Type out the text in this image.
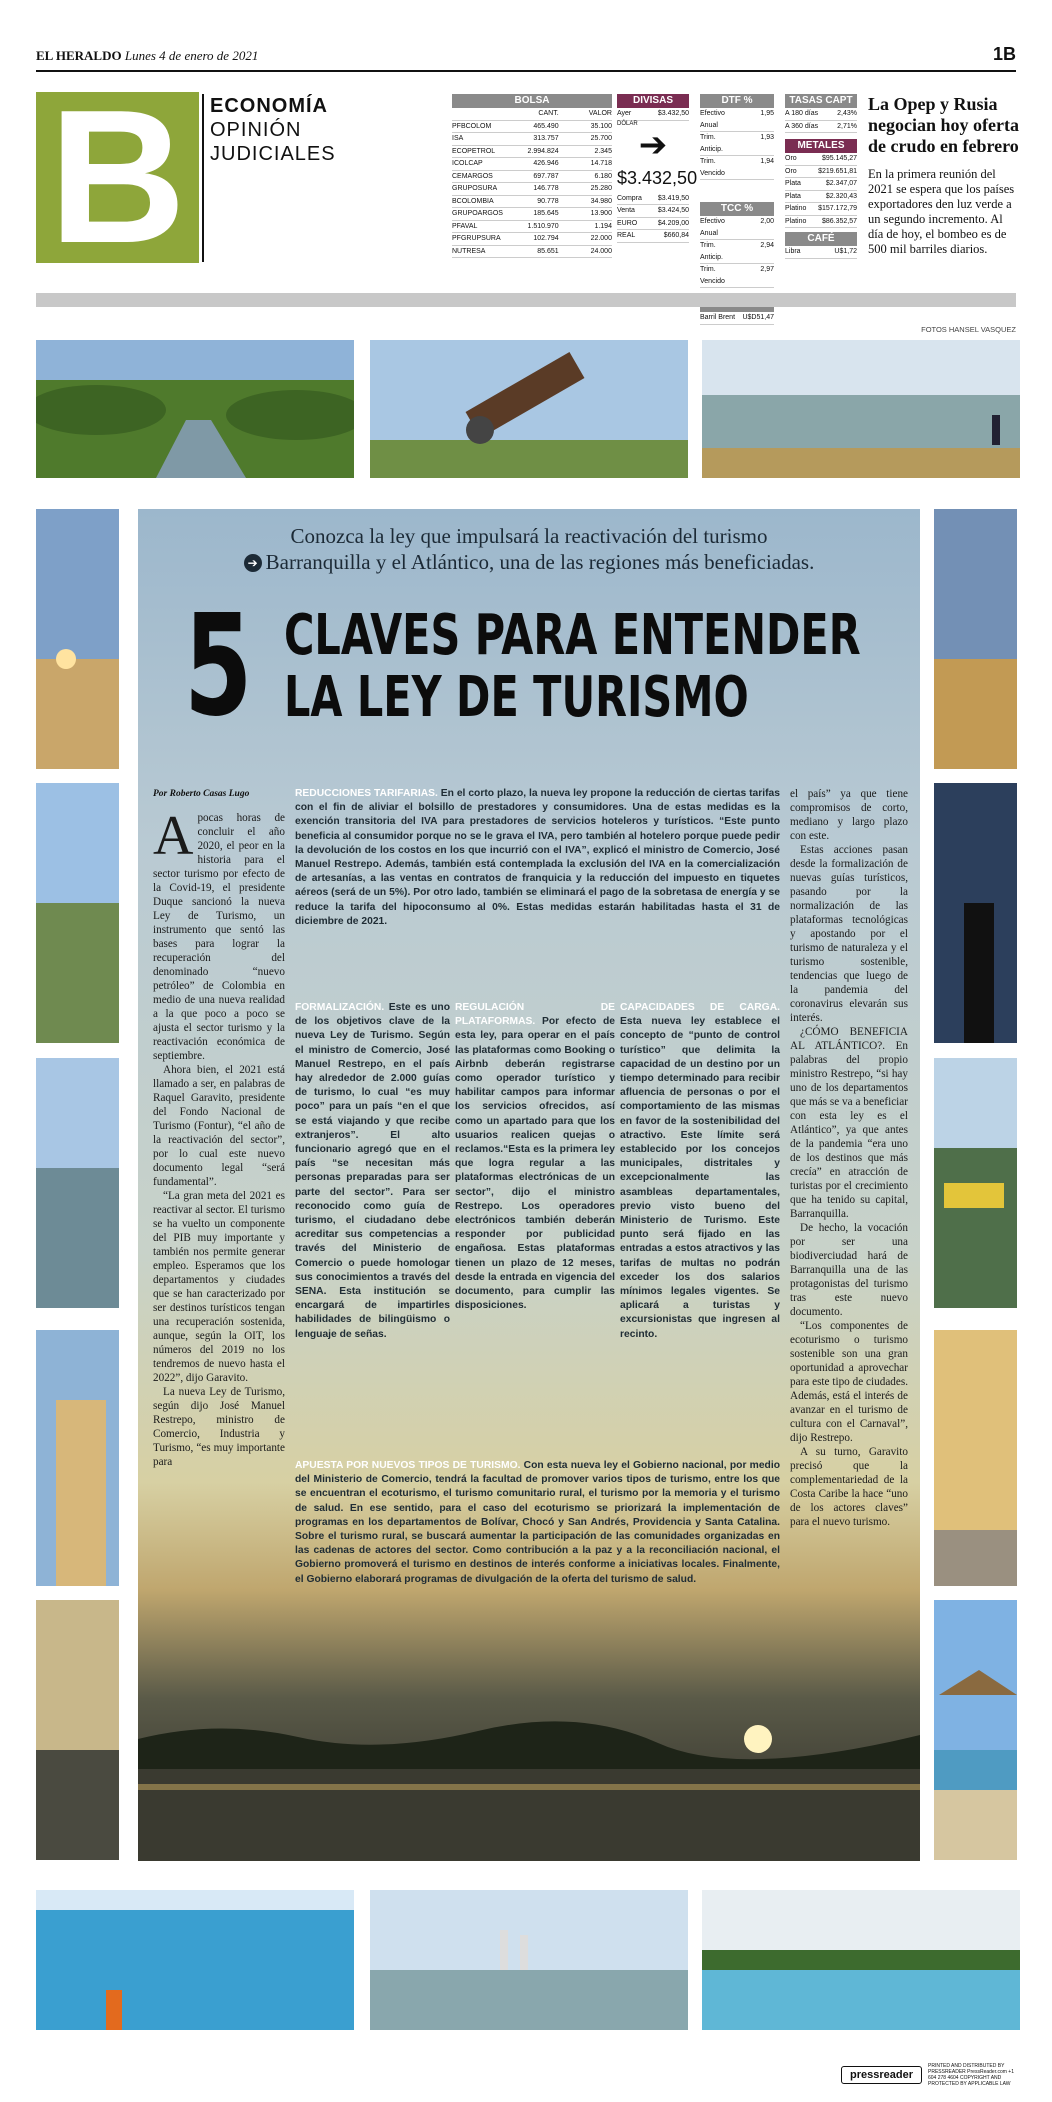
EL HERALDO Lunes 4 de enero de 2021	1B
B	ECONOMÍA
OPINIÓN
JUDICIALES
BOLSA
CANT.	VALOR
PFBCOLOM	465.490	35.100
ISA	313.757	25.700
ECOPETROL	2.994.824	2.345
ICOLCAP	426.946	14.718
CEMARGOS	697.787	6.180
GRUPOSURA	146.778	25.280
BCOLOMBIA	90.778	34.980
GRUPOARGOS	185.645	13.900
PFAVAL	1.510.970	1.194
PFGRUPSURA	102.794	22.000
NUTRESA	85.651	24.000
DIVISAS
Ayer	$3.432,50
DÓLAR
➔
$3.432,50
Compra	$3.419,50
Venta	$3.424,50
EURO	$4.209,00
REAL	$660,84
DTF %
Efectivo Anual
1,95
Trim. Anticip.
1,93
Trim. Vencido
1,94
TCC %
Efectivo Anual
2,00
Trim. Anticip.
2,94
Trim. Vencido
2,97
Barril Brent	U$D51,47
TASAS CAPT
A 180 días	2,43%
A 360 días	2,71%
METALES
Oro	$95.145,27
Oro	$219.651,81
Plata	$2.347,07
Plata	$2.320,43
Platino	$157.172,79
Platino	$86.352,57
CAFÉ
Libra	U$1,72
La Opep y Rusia negocian hoy oferta de crudo en febrero

En la primera reunión del 2021 se espera que los países exportadores den luz verde a un segundo incremento. Al día de hoy, el bombeo es de 500 mil barriles diarios.

FOTOS HANSEL VASQUEZ
Conozca la ley que impulsará la reactivación del turismo
➔ Barranquilla y el Atlántico, una de las regiones más beneficiadas.
5 CLAVES PARA ENTENDER
LA LEY DE TURISMO
Por Roberto Casas Lugo

Apocas horas de concluir el año 2020, el peor en la historia para el sector turismo por efecto de la Covid-19, el presidente Duque sancionó la nueva Ley de Turismo, un instrumento que sentó las bases para lograr la recuperación del denominado “nuevo petróleo” de Colombia en medio de una nueva realidad a la que poco a poco se ajusta el sector turismo y la reactivación económica de septiembre.

Ahora bien, el 2021 está llamado a ser, en palabras de Raquel Garavito, presidente del Fondo Nacional de Turismo (Fontur), “el año de la reactivación del sector”, por lo cual este nuevo documento legal “será fundamental”.

“La gran meta del 2021 es reactivar al sector. El turismo se ha vuelto un componente del PIB muy importante y también nos permite generar empleo. Esperamos que los departamentos y ciudades que se han caracterizado por ser destinos turísticos tengan una recuperación sostenida, aunque, según la OIT, los números del 2019 no los tendremos de nuevo hasta el 2022”, dijo Garavito.

La nueva Ley de Turismo, según dijo José Manuel Restrepo, ministro de Comercio, Industria y Turismo, “es muy importante para

REDUCCIONES TARIFARIAS. En el corto plazo, la nueva ley propone la reducción de ciertas tarifas con el fin de aliviar el bolsillo de prestadores y consumidores. Una de estas medidas es la exención transitoria del IVA para prestadores de servicios hoteleros y turísticos. “Este punto beneficia al consumidor porque no se le grava el IVA, pero también al hotelero porque puede pedir la devolución de los costos en los que incurrió con el IVA”, explicó el ministro de Comercio, José Manuel Restrepo. Además, también está contemplada la exclusión del IVA en la comercialización de artesanías, a las ventas en contratos de franquicia y la reducción del impuesto en tiquetes aéreos (será de un 5%). Por otro lado, también se eliminará el pago de la sobretasa de energía y se reduce la tarifa del hipoconsumo al 0%. Estas medidas estarán habilitadas hasta el 31 de diciembre de 2021.
FORMALIZACIÓN. Este es uno de los objetivos clave de la nueva Ley de Turismo. Según el ministro de Comercio, José Manuel Restrepo, en el país hay alrededor de 2.000 guías de turismo, lo cual “es muy poco” para un país “en el que se está viajando y que recibe extranjeros”. El alto funcionario agregó que en el país “se necesitan más personas preparadas para ser parte del sector”. Para ser reconocido como guía de turismo, el ciudadano debe acreditar sus competencias a través del Ministerio de Comercio o puede homologar sus conocimientos a través del SENA. Esta institución se encargará de impartirles habilidades de bilingüismo o lenguaje de señas.
REGULACIÓN DE PLATAFORMAS. Por efecto de esta ley, para operar en el país las plataformas como Booking o Airbnb deberán registrarse como operador turístico y habilitar campos para informar los servicios ofrecidos, así como un apartado para que los usuarios realicen quejas o reclamos.“Esta es la primera ley que logra regular a las plataformas electrónicas de un sector”, dijo el ministro Restrepo. Los operadores electrónicos también deberán responder por publicidad engañosa. Estas plataformas tienen un plazo de 12 meses, desde la entrada en vigencia del documento, para cumplir las disposiciones.
CAPACIDADES DE CARGA. Esta nueva ley establece el concepto de “punto de control turístico” que delimita la capacidad de un destino por un tiempo determinado para recibir afluencia de personas o por el comportamiento de las mismas en favor de la sostenibilidad del atractivo. Este límite será establecido por los concejos municipales, distritales y excepcionalmente las asambleas departamentales, previo visto bueno del Ministerio de Turismo. Este punto será fijado en las entradas a estos atractivos y las tarifas de multas no podrán exceder los dos salarios mínimos legales vigentes. Se aplicará a turistas y excursionistas que ingresen al recinto.
APUESTA POR NUEVOS TIPOS DE TURISMO. Con esta nueva ley el Gobierno nacional, por medio del Ministerio de Comercio, tendrá la facultad de promover varios tipos de turismo, entre los que se encuentran el ecoturismo, el turismo comunitario rural, el turismo por la memoria y el turismo de salud. En ese sentido, para el caso del ecoturismo se priorizará la implementación de programas en los departamentos de Bolívar, Chocó y San Andrés, Providencia y Santa Catalina. Sobre el turismo rural, se buscará aumentar la participación de las comunidades organizadas en las cadenas de actores del sector. Como contribución a la paz y a la reconciliación nacional, el Gobierno promoverá el turismo en destinos de interés conforme a iniciativas locales. Finalmente, el Gobierno elaborará programas de divulgación de la oferta del turismo de salud.

el país” ya que tiene compromisos de corto, mediano y largo plazo con este.

Estas acciones pasan desde la formalización de nuevas guías turísticos, pasando por la normalización de las plataformas tecnológicas y apostando por el turismo de naturaleza y el turismo sostenible, tendencias que luego de la pandemia del coronavirus elevarán sus interés.

¿CÓMO BENEFICIA AL ATLÁNTICO?. En palabras del propio ministro Restrepo, “si hay uno de los departamentos que más se va a beneficiar con esta ley es el Atlántico”, ya que antes de la pandemia “era uno de los destinos que más crecía” en atracción de turistas por el crecimiento que ha tenido su capital, Barranquilla.

De hecho, la vocación por ser una biodiverciudad hará de Barranquilla una de las protagonistas del turismo tras este nuevo documento.

“Los componentes de ecoturismo o turismo sostenible son una gran oportunidad a aprovechar para este tipo de ciudades. Además, está el interés de avanzar en el turismo de cultura con el Carnaval”, dijo Restrepo.

A su turno, Garavito precisó que la complementariedad de la Costa Caribe la hace “uno de los actores claves” para el nuevo turismo.

pressreader
PRINTED AND DISTRIBUTED BY PRESSREADER PressReader.com +1 604 278 4604 COPYRIGHT AND PROTECTED BY APPLICABLE LAW
